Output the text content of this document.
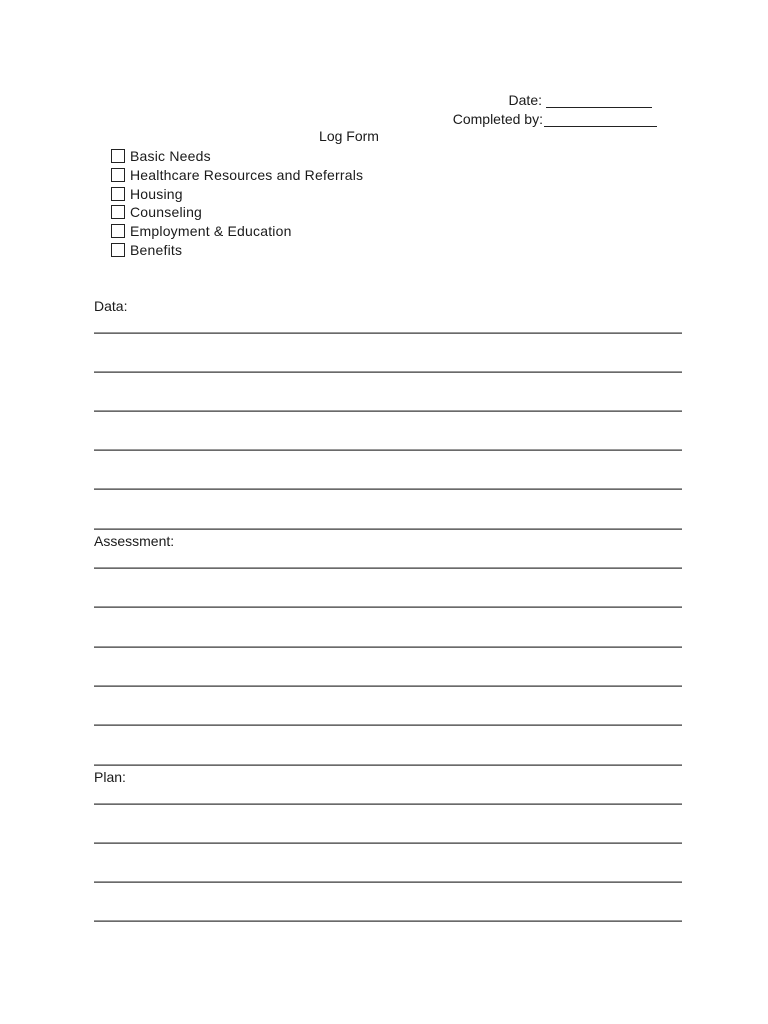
Date:
Completed by:
Log Form
Basic Needs
Healthcare Resources and Referrals
Housing
Counseling
Employment & Education
Benefits
Data:
Assessment:
Plan:
